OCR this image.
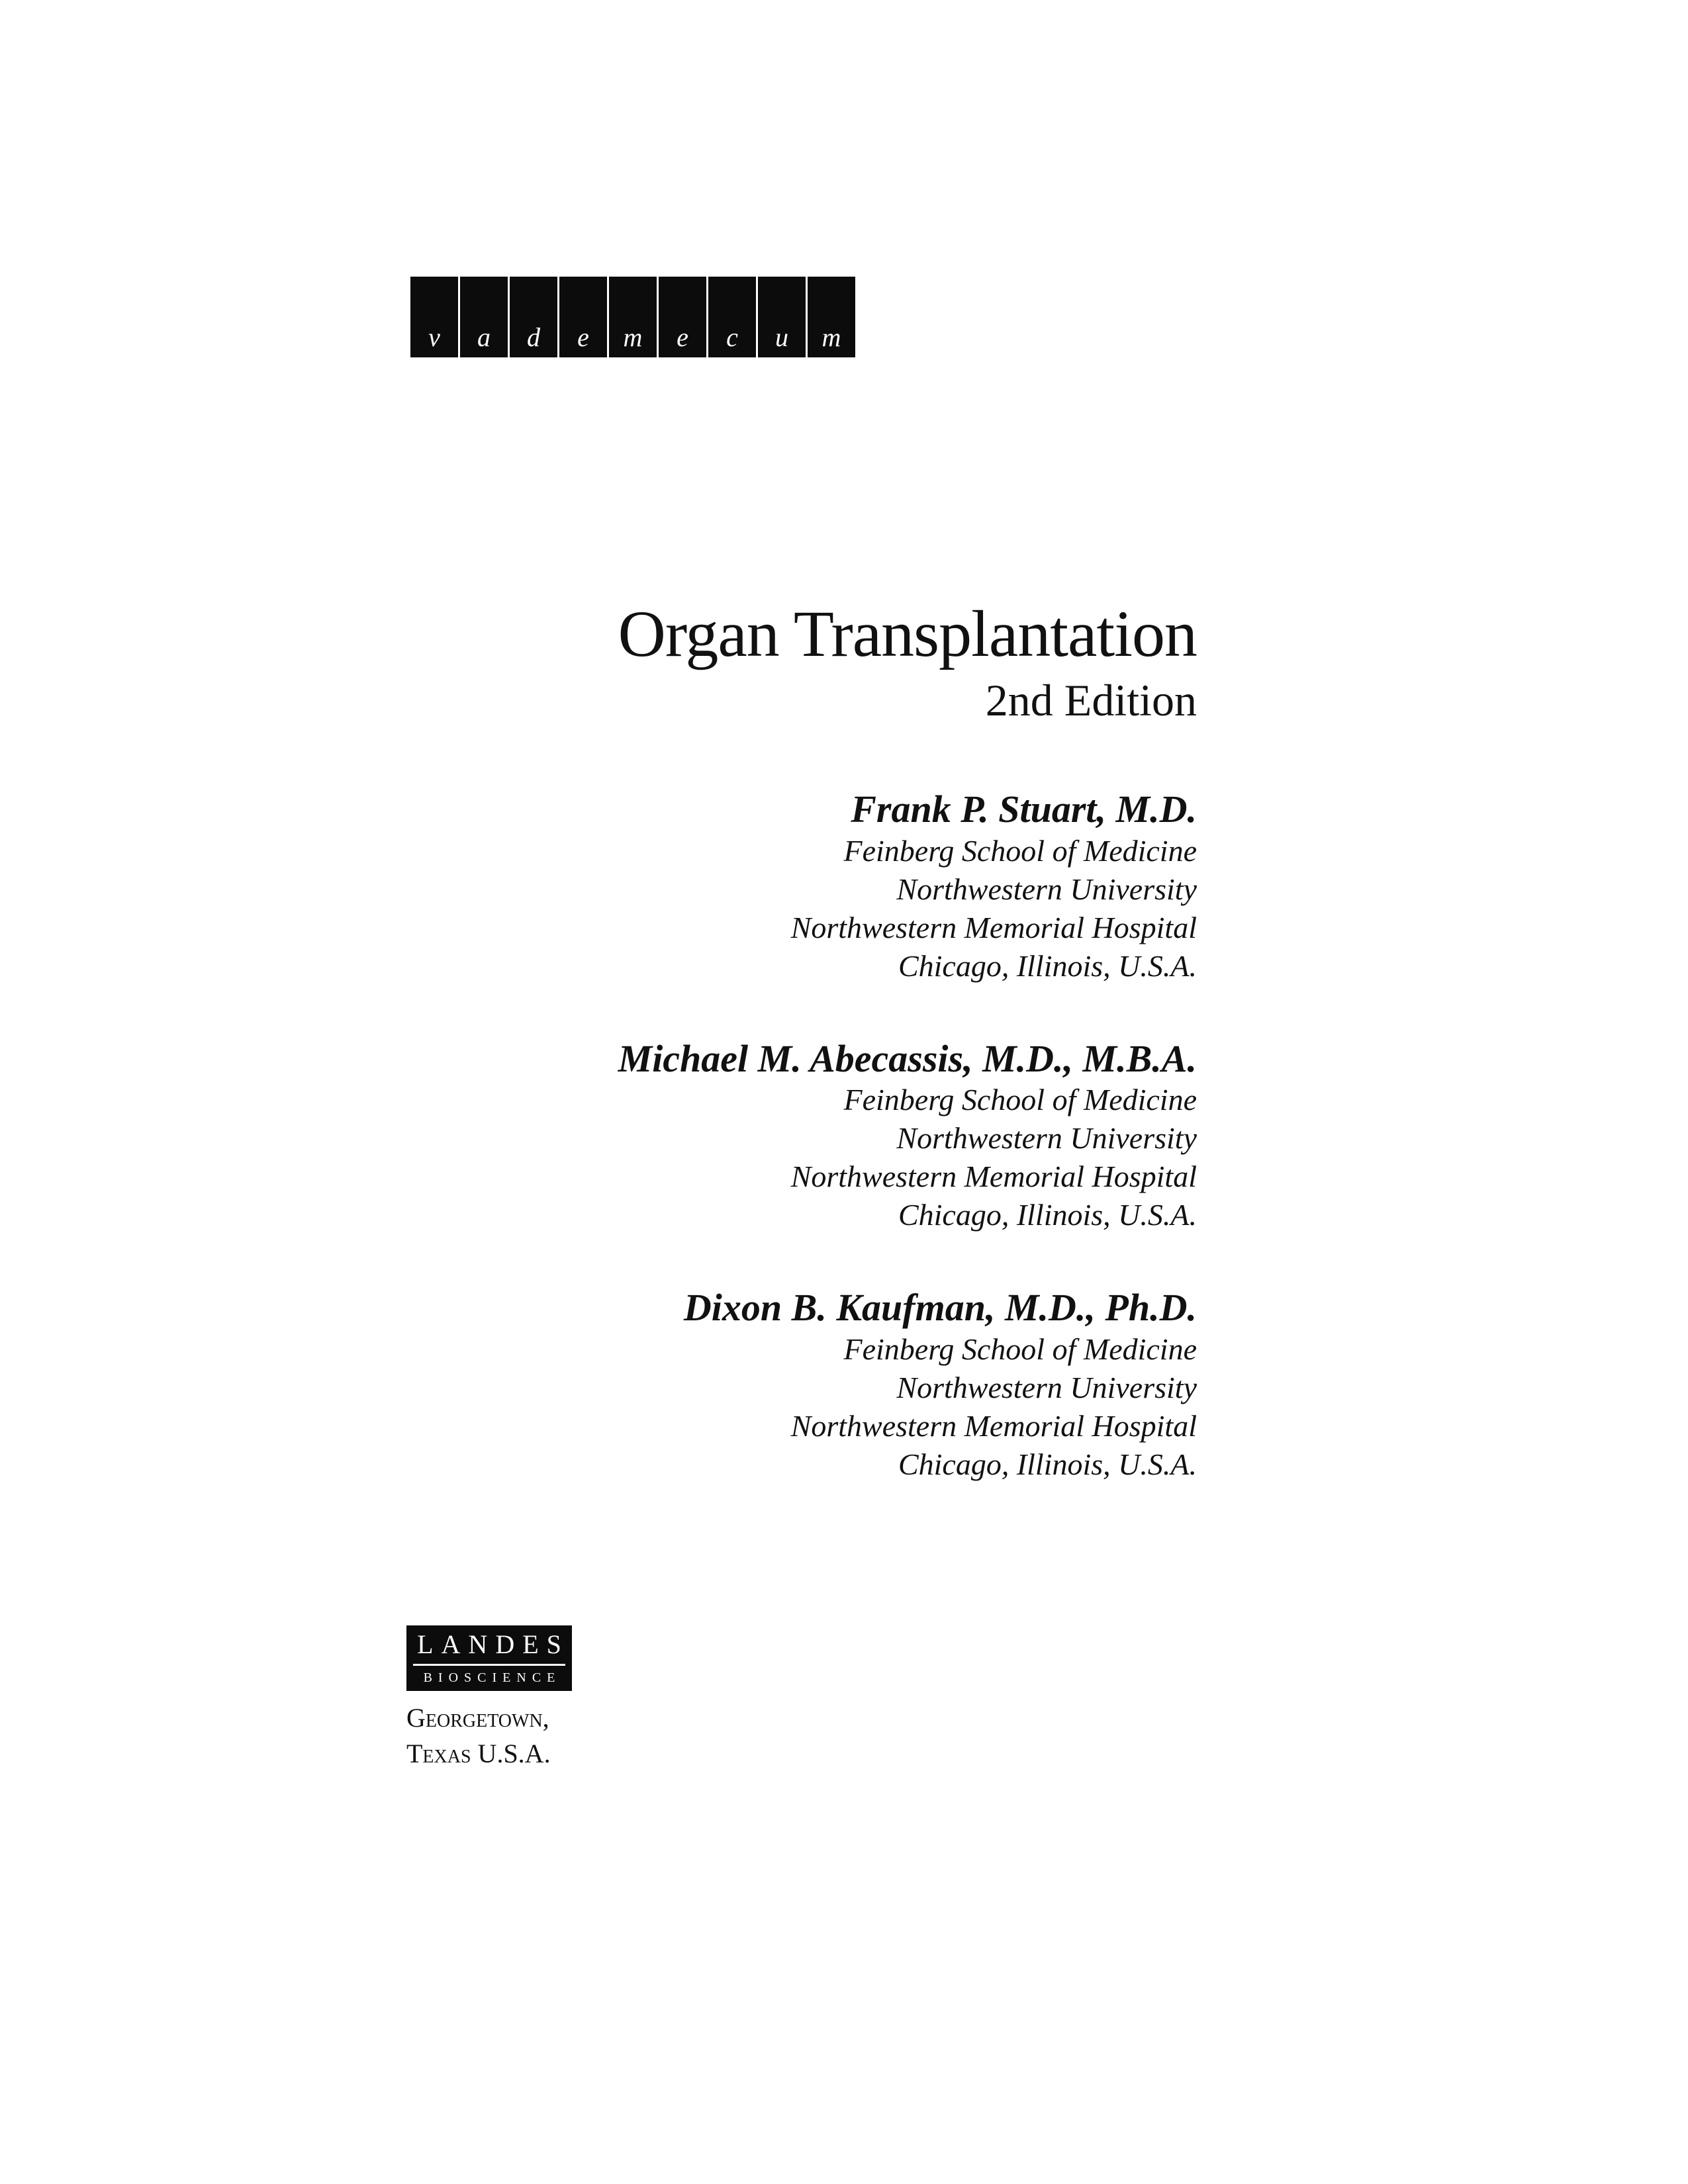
v	a	d	e	m	e	c	u	m
Organ Transplantation
2nd Edition
Frank P. Stuart, M.D.
Feinberg School of Medicine
Northwestern University
Northwestern Memorial Hospital
Chicago, Illinois, U.S.A.
Michael M. Abecassis, M.D., M.B.A.
Feinberg School of Medicine
Northwestern University
Northwestern Memorial Hospital
Chicago, Illinois, U.S.A.
Dixon B. Kaufman, M.D., Ph.D.
Feinberg School of Medicine
Northwestern University
Northwestern Memorial Hospital
Chicago, Illinois, U.S.A.
LANDES
BIOSCIENCE
Georgetown,
Texas U.S.A.
